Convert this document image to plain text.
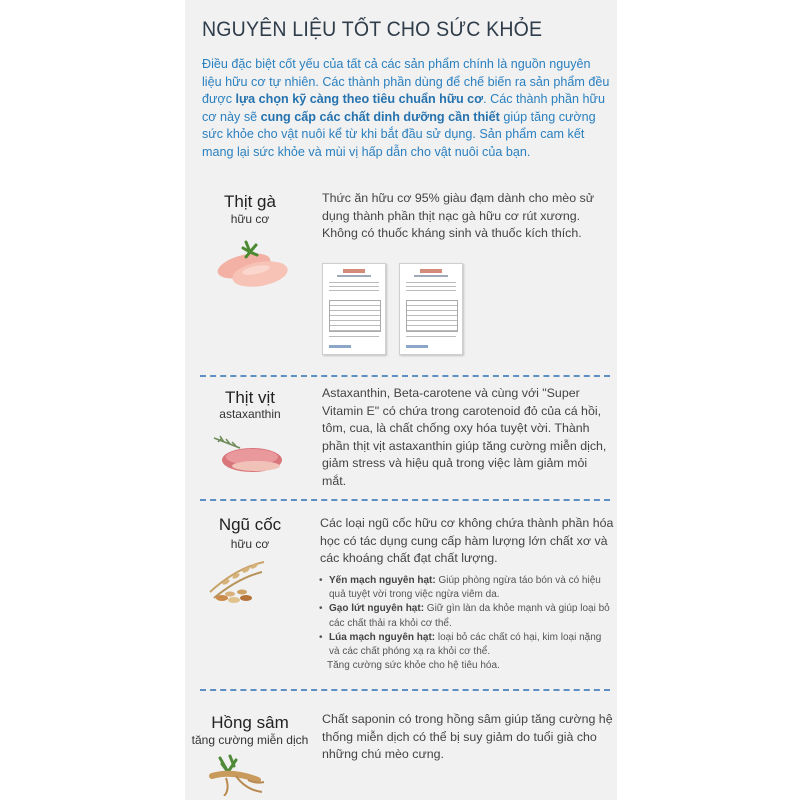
NGUYÊN LIỆU TỐT CHO SỨC KHỎE
Điều đặc biệt cốt yếu của tất cả các sản phẩm chính là nguồn nguyên liệu hữu cơ tự nhiên. Các thành phần dùng để chế biến ra sản phẩm đều được lựa chọn kỹ càng theo tiêu chuẩn hữu cơ. Các thành phần hữu cơ này sẽ cung cấp các chất dinh dưỡng cần thiết giúp tăng cường sức khỏe cho vật nuôi kể từ khi bắt đầu sử dụng. Sản phẩm cam kết mang lại sức khỏe và mùi vị hấp dẫn cho vật nuôi của bạn.
Thịt gà
hữu cơ
Thức ăn hữu cơ 95% giàu đạm dành cho mèo sử dụng thành phần thịt nạc gà hữu cơ rút xương. Không có thuốc kháng sinh và thuốc kích thích.
Thịt vịt
astaxanthin
Astaxanthin, Beta-carotene và cùng với "Super Vitamin E" có chứa trong carotenoid đỏ của cá hồi, tôm, cua, là chất chống oxy hóa tuyệt vời. Thành phần thịt vịt astaxanthin giúp tăng cường miễn dịch, giảm stress và hiệu quả trong việc làm giảm mỏi mắt.
Ngũ cốc
hữu cơ
Các loại ngũ cốc hữu cơ không chứa thành phần hóa học có tác dụng cung cấp hàm lượng lớn chất xơ và các khoáng chất đạt chất lượng.
• Yến mạch nguyên hạt: Giúp phòng ngừa táo bón và có hiệu quả tuyệt vời trong việc ngừa viêm da.
• Gạo lứt nguyên hạt: Giữ gìn làn da khỏe mạnh và giúp loại bỏ các chất thải ra khỏi cơ thể.
• Lúa mạch nguyên hạt: loại bỏ các chất có hại, kim loại nặng và các chất phóng xạ ra khỏi cơ thể.
Tăng cường sức khỏe cho hệ tiêu hóa.
Hồng sâm
tăng cường miễn dịch
Chất saponin có trong hồng sâm giúp tăng cường hệ thống miễn dịch có thể bị suy giảm do tuổi già cho những chú mèo cưng.
